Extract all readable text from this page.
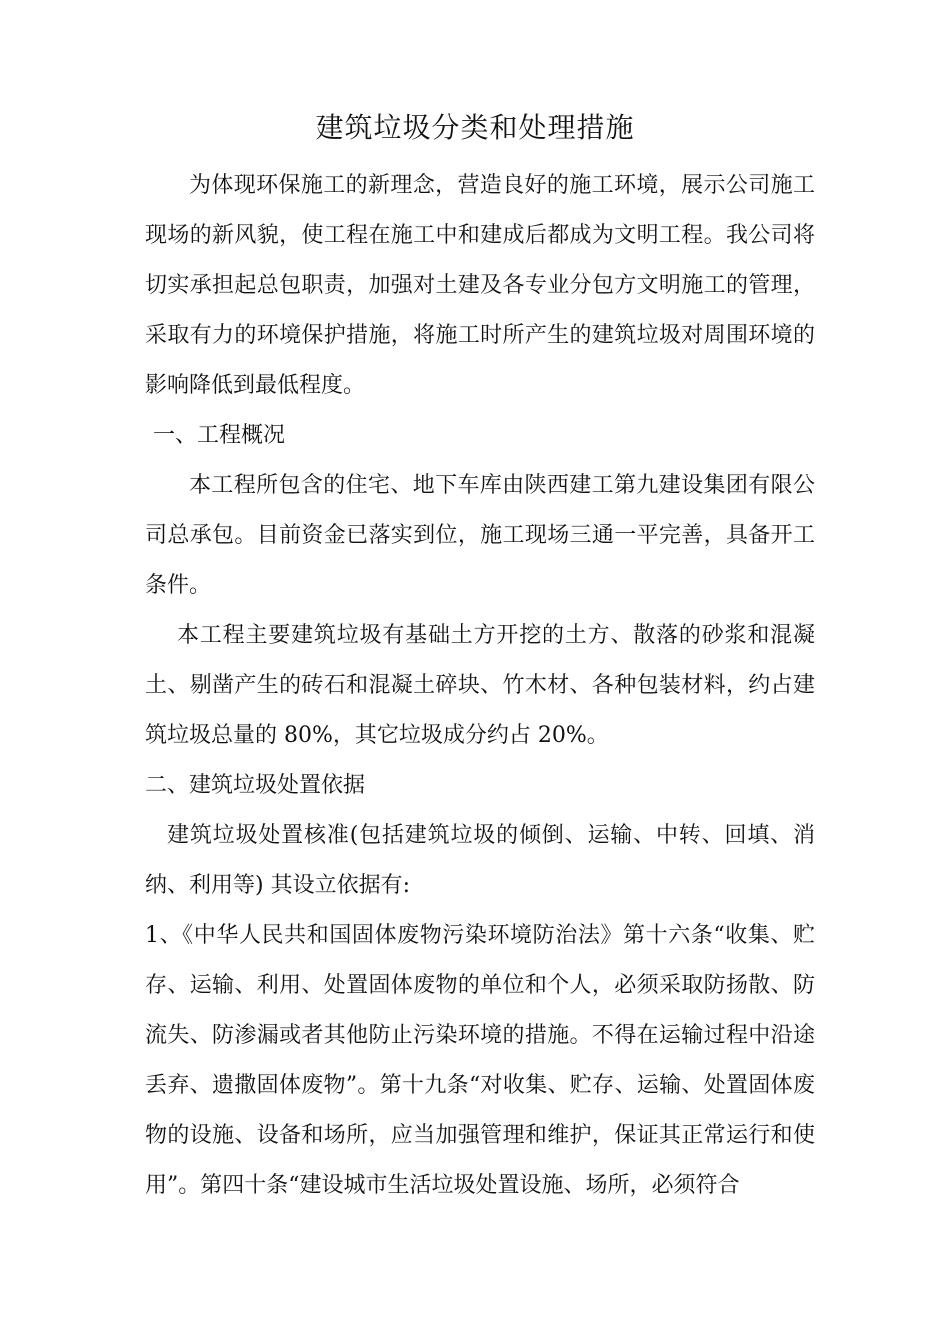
建筑垃圾分类和处理措施

为体现环保施工的新理念，营造良好的施工环境，展示公司施工现场的新风貌，使工程在施工中和建成后都成为文明工程。我公司将切实承担起总包职责，加强对土建及各专业分包方文明施工的管理，采取有力的环境保护措施，将施工时所产生的建筑垃圾对周围环境的影响降低到最低程度。

一、工程概况

本工程所包含的住宅、地下车库由陕西建工第九建设集团有限公司总承包。目前资金已落实到位，施工现场三通一平完善，具备开工条件。

本工程主要建筑垃圾有基础土方开挖的土方、散落的砂浆和混凝土、剔凿产生的砖石和混凝土碎块、竹木材、各种包装材料，约占建筑垃圾总量的 80%，其它垃圾成分约占 20%。

二、建筑垃圾处置依据

建筑垃圾处置核准(包括建筑垃圾的倾倒、运输、中转、回填、消纳、利用等) 其设立依据有:

1、《中华人民共和国固体废物污染环境防治法》第十六条“收集、贮存、运输、利用、处置固体废物的单位和个人，必须采取防扬散、防流失、防渗漏或者其他防止污染环境的措施。不得在运输过程中沿途丢弃、遗撒固体废物”。第十九条“对收集、贮存、运输、处置固体废物的设施、设备和场所，应当加强管理和维护，保证其正常运行和使用”。第四十条“建设城市生活垃圾处置设施、场所，必须符合
